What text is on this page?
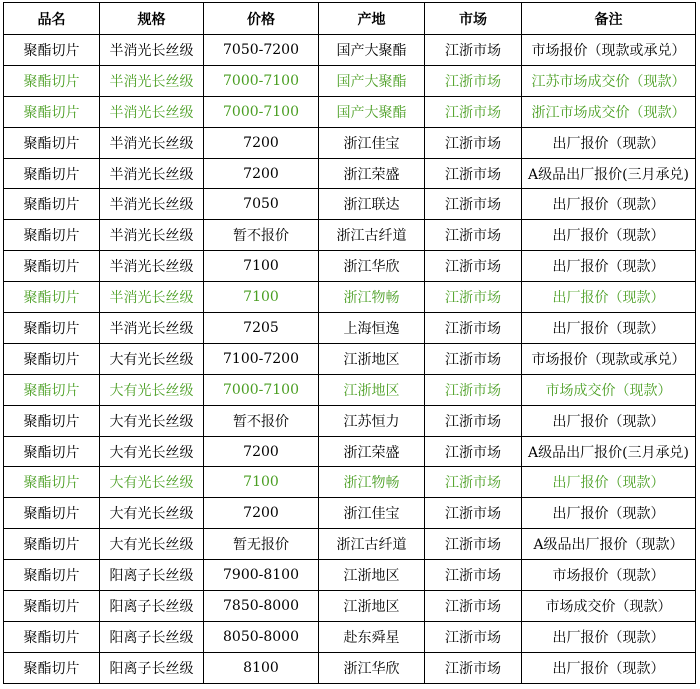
品名	规格	价格	产地	市场	备注
聚酯切片	半消光长丝级	7050-7200	国产大聚酯	江浙市场	市场报价（现款或承兑）
聚酯切片	半消光长丝级	7000-7100	国产大聚酯	江浙市场	江苏市场成交价（现款）
聚酯切片	半消光长丝级	7000-7100	国产大聚酯	江浙市场	浙江市场成交价（现款）
聚酯切片	半消光长丝级	7200	浙江佳宝	江浙市场	出厂报价（现款）
聚酯切片	半消光长丝级	7200	浙江荣盛	江浙市场	A级品出厂报价(三月承兑)
聚酯切片	半消光长丝级	7050	浙江联达	江浙市场	出厂报价（现款）
聚酯切片	半消光长丝级	暂不报价	浙江古纤道	江浙市场	出厂报价（现款）
聚酯切片	半消光长丝级	7100	浙江华欣	江浙市场	出厂报价（现款）
聚酯切片	半消光长丝级	7100	浙江物畅	江浙市场	出厂报价（现款）
聚酯切片	半消光长丝级	7205	上海恒逸	江浙市场	出厂报价（现款）
聚酯切片	大有光长丝级	7100-7200	江浙地区	江浙市场	市场报价（现款或承兑）
聚酯切片	大有光长丝级	7000-7100	江浙地区	江浙市场	市场成交价（现款）
聚酯切片	大有光长丝级	暂不报价	江苏恒力	江浙市场	出厂报价（现款）
聚酯切片	大有光长丝级	7200	浙江荣盛	江浙市场	A级品出厂报价(三月承兑)
聚酯切片	大有光长丝级	7100	浙江物畅	江浙市场	出厂报价（现款）
聚酯切片	大有光长丝级	7200	浙江佳宝	江浙市场	出厂报价（现款）
聚酯切片	大有光长丝级	暂无报价	浙江古纤道	江浙市场	A级品出厂报价（现款）
聚酯切片	阳离子长丝级	7900-8100	江浙地区	江浙市场	市场报价（现款）
聚酯切片	阳离子长丝级	7850-8000	江浙地区	江浙市场	市场成交价（现款）
聚酯切片	阳离子长丝级	8050-8000	赴东舜星	江浙市场	出厂报价（现款）
聚酯切片	阳离子长丝级	8100	浙江华欣	江浙市场	出厂报价（现款）
